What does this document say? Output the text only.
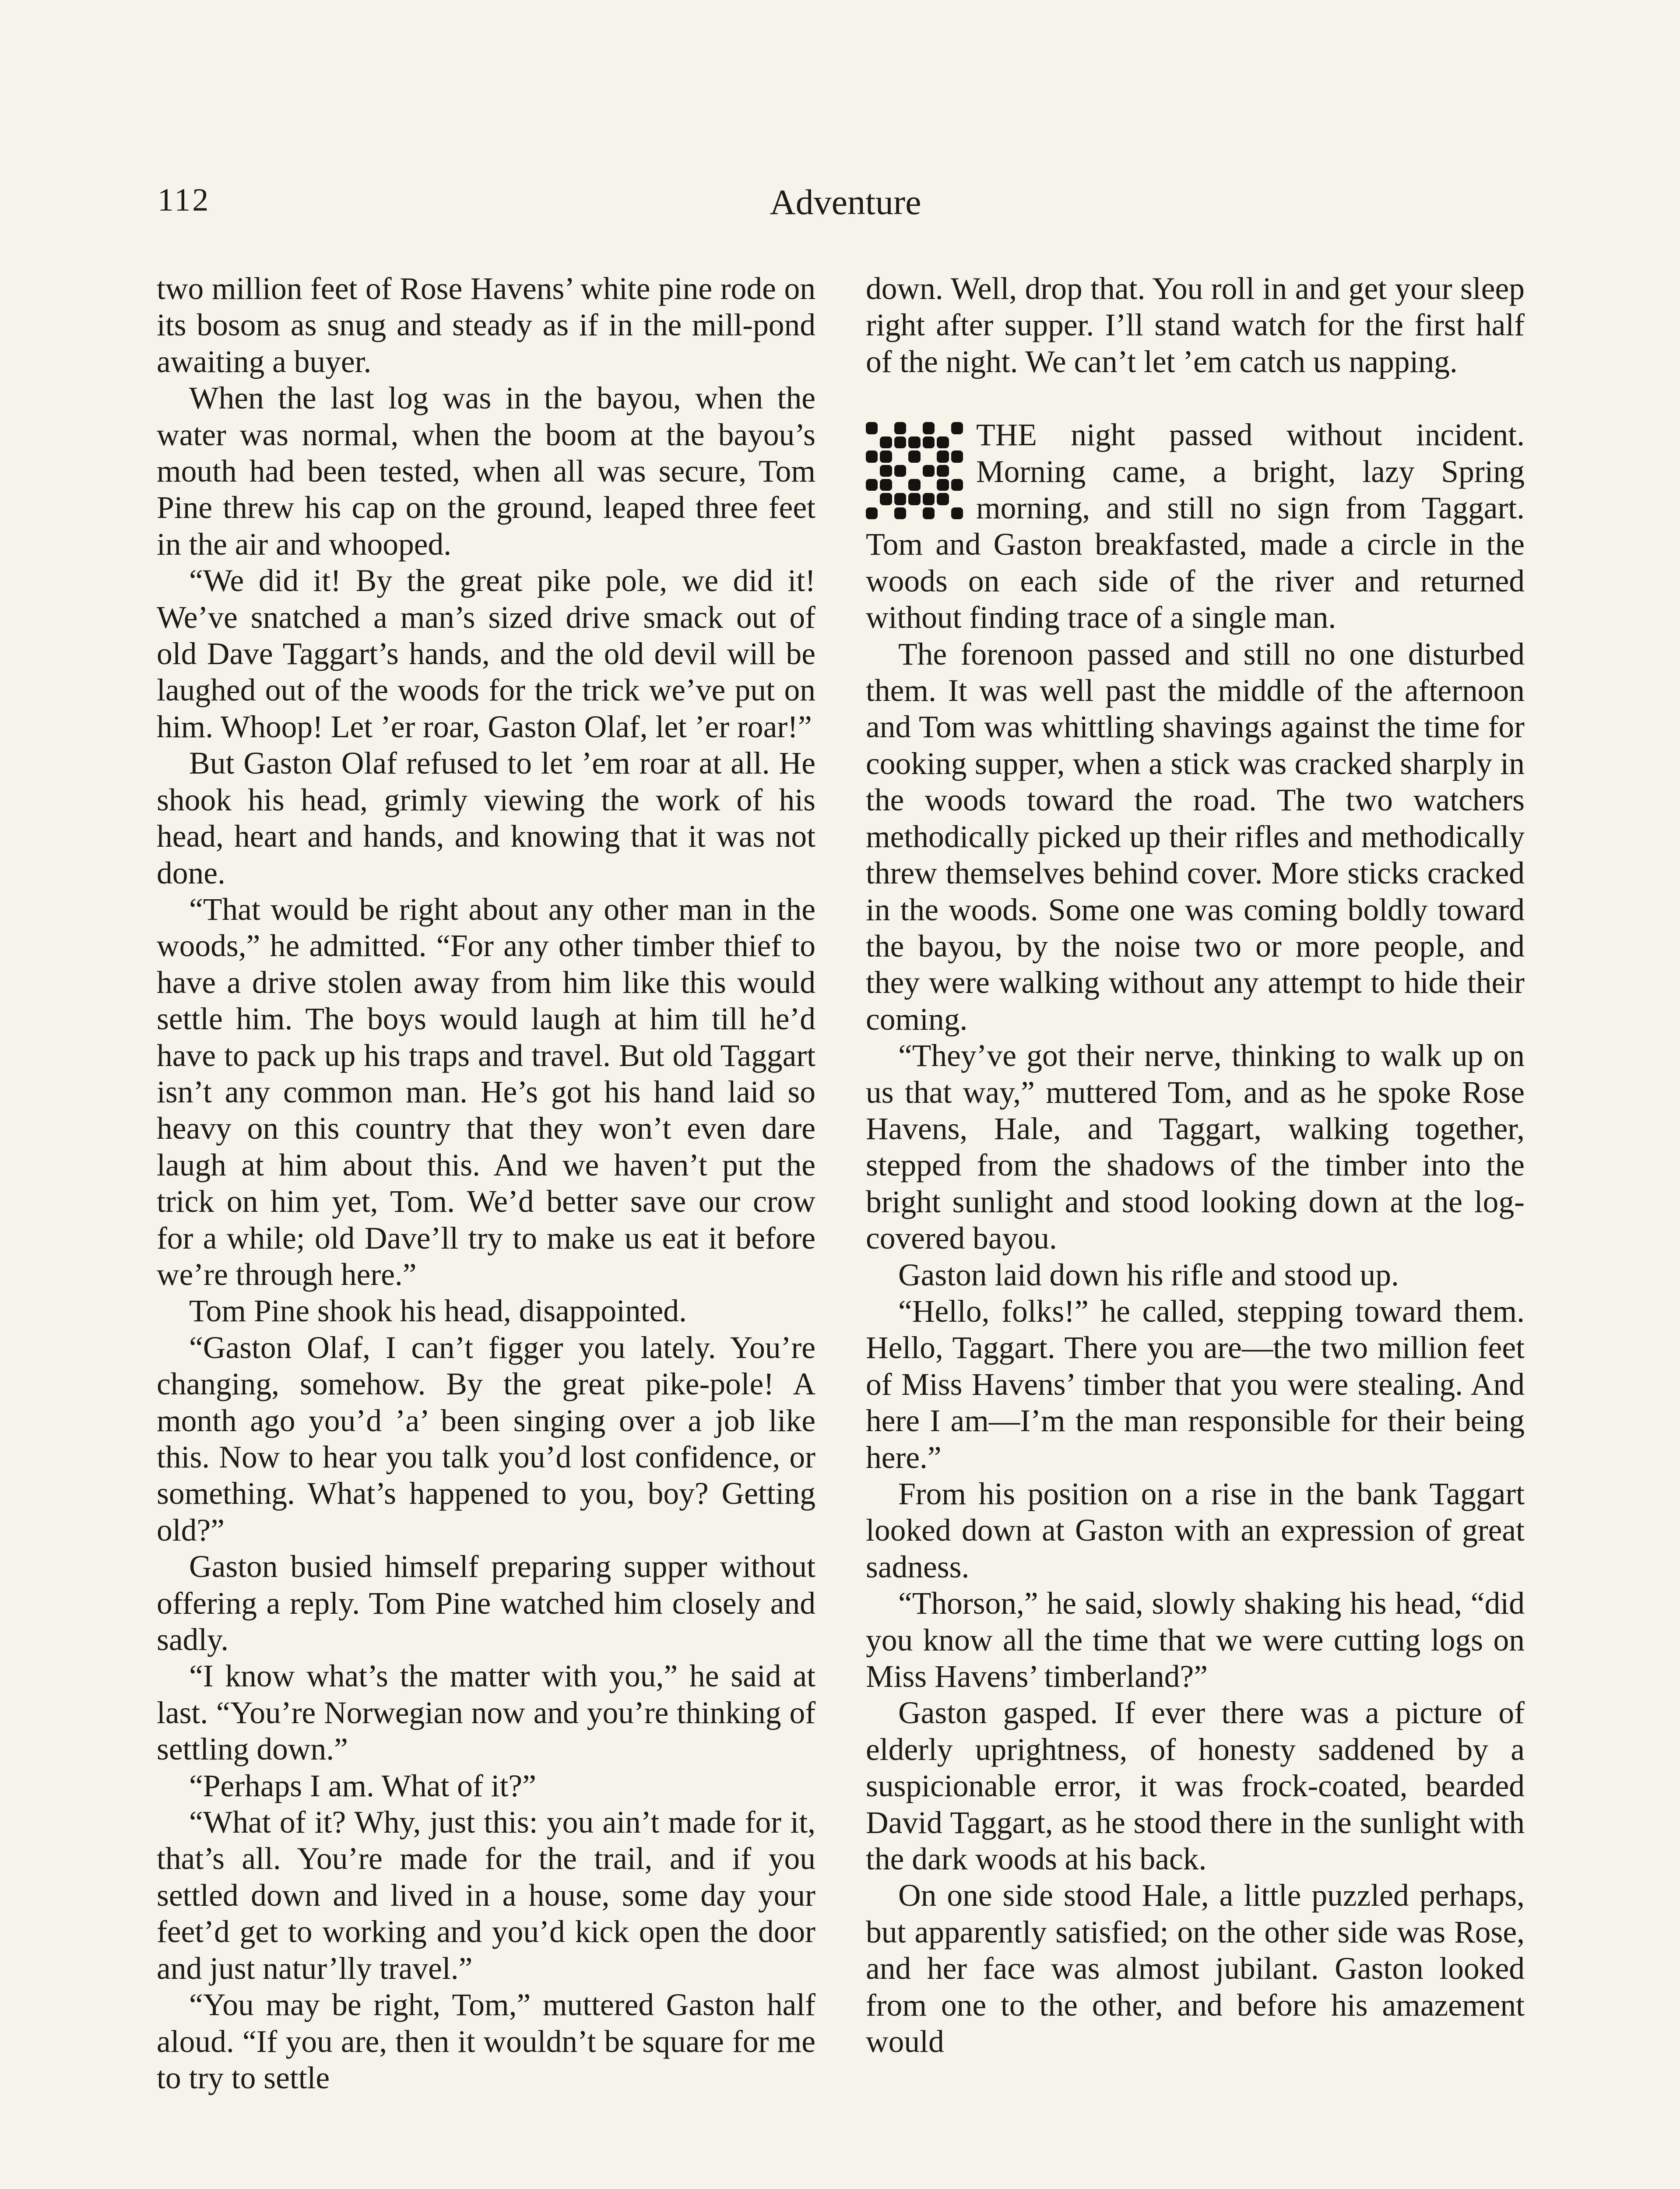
112	Adventure

two million feet of Rose Havens’ white pine rode on its bosom as snug and steady as if in the mill-pond awaiting a buyer.

When the last log was in the bayou, when the water was normal, when the boom at the bayou’s mouth had been tested, when all was secure, Tom Pine threw his cap on the ground, leaped three feet in the air and whooped.

“We did it! By the great pike pole, we did it! We’ve snatched a man’s sized drive smack out of old Dave Taggart’s hands, and the old devil will be laughed out of the woods for the trick we’ve put on him. Whoop! Let ’er roar, Gaston Olaf, let ’er roar!”

But Gaston Olaf refused to let ’em roar at all. He shook his head, grimly viewing the work of his head, heart and hands, and knowing that it was not done.

“That would be right about any other man in the woods,” he admitted. “For any other timber thief to have a drive stolen away from him like this would settle him. The boys would laugh at him till he’d have to pack up his traps and travel. But old Taggart isn’t any common man. He’s got his hand laid so heavy on this country that they won’t even dare laugh at him about this. And we haven’t put the trick on him yet, Tom. We’d better save our crow for a while; old Dave’ll try to make us eat it before we’re through here.”

Tom Pine shook his head, disappointed.

“Gaston Olaf, I can’t figger you lately. You’re changing, somehow. By the great pike-pole! A month ago you’d ’a’ been singing over a job like this. Now to hear you talk you’d lost confidence, or something. What’s happened to you, boy? Getting old?”

Gaston busied himself preparing supper without offering a reply. Tom Pine watched him closely and sadly.

“I know what’s the matter with you,” he said at last. “You’re Norwegian now and you’re thinking of settling down.”

“Perhaps I am. What of it?”

“What of it? Why, just this: you ain’t made for it, that’s all. You’re made for the trail, and if you settled down and lived in a house, some day your feet’d get to working and you’d kick open the door and just natur’lly travel.”

“You may be right, Tom,” muttered Gaston half aloud. “If you are, then it wouldn’t be square for me to try to settle

down. Well, drop that. You roll in and get your sleep right after supper. I’ll stand watch for the first half of the night. We can’t let ’em catch us napping.

THE night passed without incident. Morning came, a bright, lazy Spring morning, and still no sign from Taggart. Tom and Gaston breakfasted, made a circle in the woods on each side of the river and returned without finding trace of a single man.

The forenoon passed and still no one disturbed them. It was well past the middle of the afternoon and Tom was whittling shavings against the time for cooking supper, when a stick was cracked sharply in the woods toward the road. The two watchers methodically picked up their rifles and methodically threw themselves behind cover. More sticks cracked in the woods. Some one was coming boldly toward the bayou, by the noise two or more people, and they were walking without any attempt to hide their coming.

“They’ve got their nerve, thinking to walk up on us that way,” muttered Tom, and as he spoke Rose Havens, Hale, and Taggart, walking together, stepped from the shadows of the timber into the bright sunlight and stood looking down at the log-covered bayou.

Gaston laid down his rifle and stood up.

“Hello, folks!” he called, stepping toward them. Hello, Taggart. There you are—the two million feet of Miss Havens’ timber that you were stealing. And here I am—I’m the man responsible for their being here.”

From his position on a rise in the bank Taggart looked down at Gaston with an expression of great sadness.

“Thorson,” he said, slowly shaking his head, “did you know all the time that we were cutting logs on Miss Havens’ timberland?”

Gaston gasped. If ever there was a picture of elderly uprightness, of honesty saddened by a suspicionable error, it was frock-coated, bearded David Taggart, as he stood there in the sunlight with the dark woods at his back.

On one side stood Hale, a little puzzled perhaps, but apparently satisfied; on the other side was Rose, and her face was almost jubilant. Gaston looked from one to the other, and before his amazement would
